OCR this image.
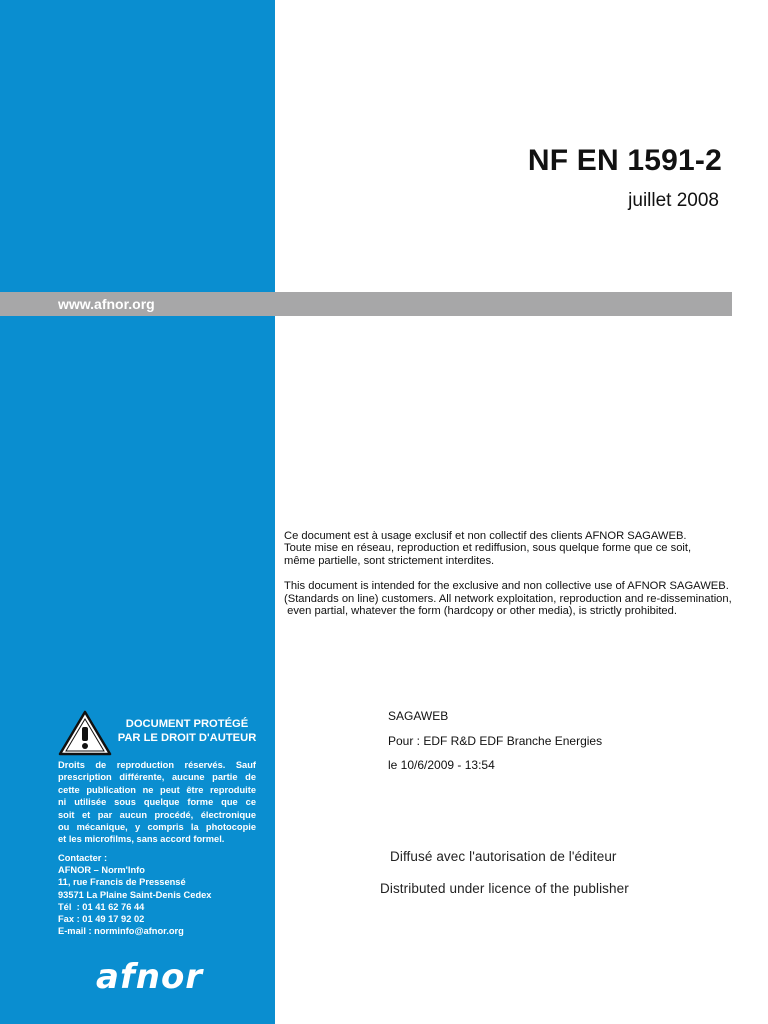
NF EN 1591-2
juillet 2008
www.afnor.org
Ce document est à usage exclusif et non collectif des clients AFNOR SAGAWEB.
Toute mise en réseau, reproduction et rediffusion, sous quelque forme que ce soit,
même partielle, sont strictement interdites.
This document is intended for the exclusive and non collective use of AFNOR SAGAWEB.
(Standards on line) customers. All network exploitation, reproduction and re-dissemination,
even partial, whatever the form (hardcopy or other media), is strictly prohibited.
SAGAWEB
Pour : EDF R&D EDF Branche Energies
le 10/6/2009 - 13:54
Diffusé avec l'autorisation de l'éditeur
Distributed under licence of the publisher
DOCUMENT PROTÉGÉ
PAR LE DROIT D'AUTEUR
Droits de reproduction réservés. Sauf
prescription différente, aucune partie de
cette publication ne peut être reproduite
ni utilisée sous quelque forme que ce
soit et par aucun procédé, électronique
ou mécanique, y compris la photocopie
et les microfilms, sans accord formel.
Contacter :
AFNOR – Norm'Info
11, rue Francis de Pressensé
93571 La Plaine Saint-Denis Cedex
Tél  : 01 41 62 76 44
Fax : 01 49 17 92 02
E-mail : norminfo@afnor.org
afnor
